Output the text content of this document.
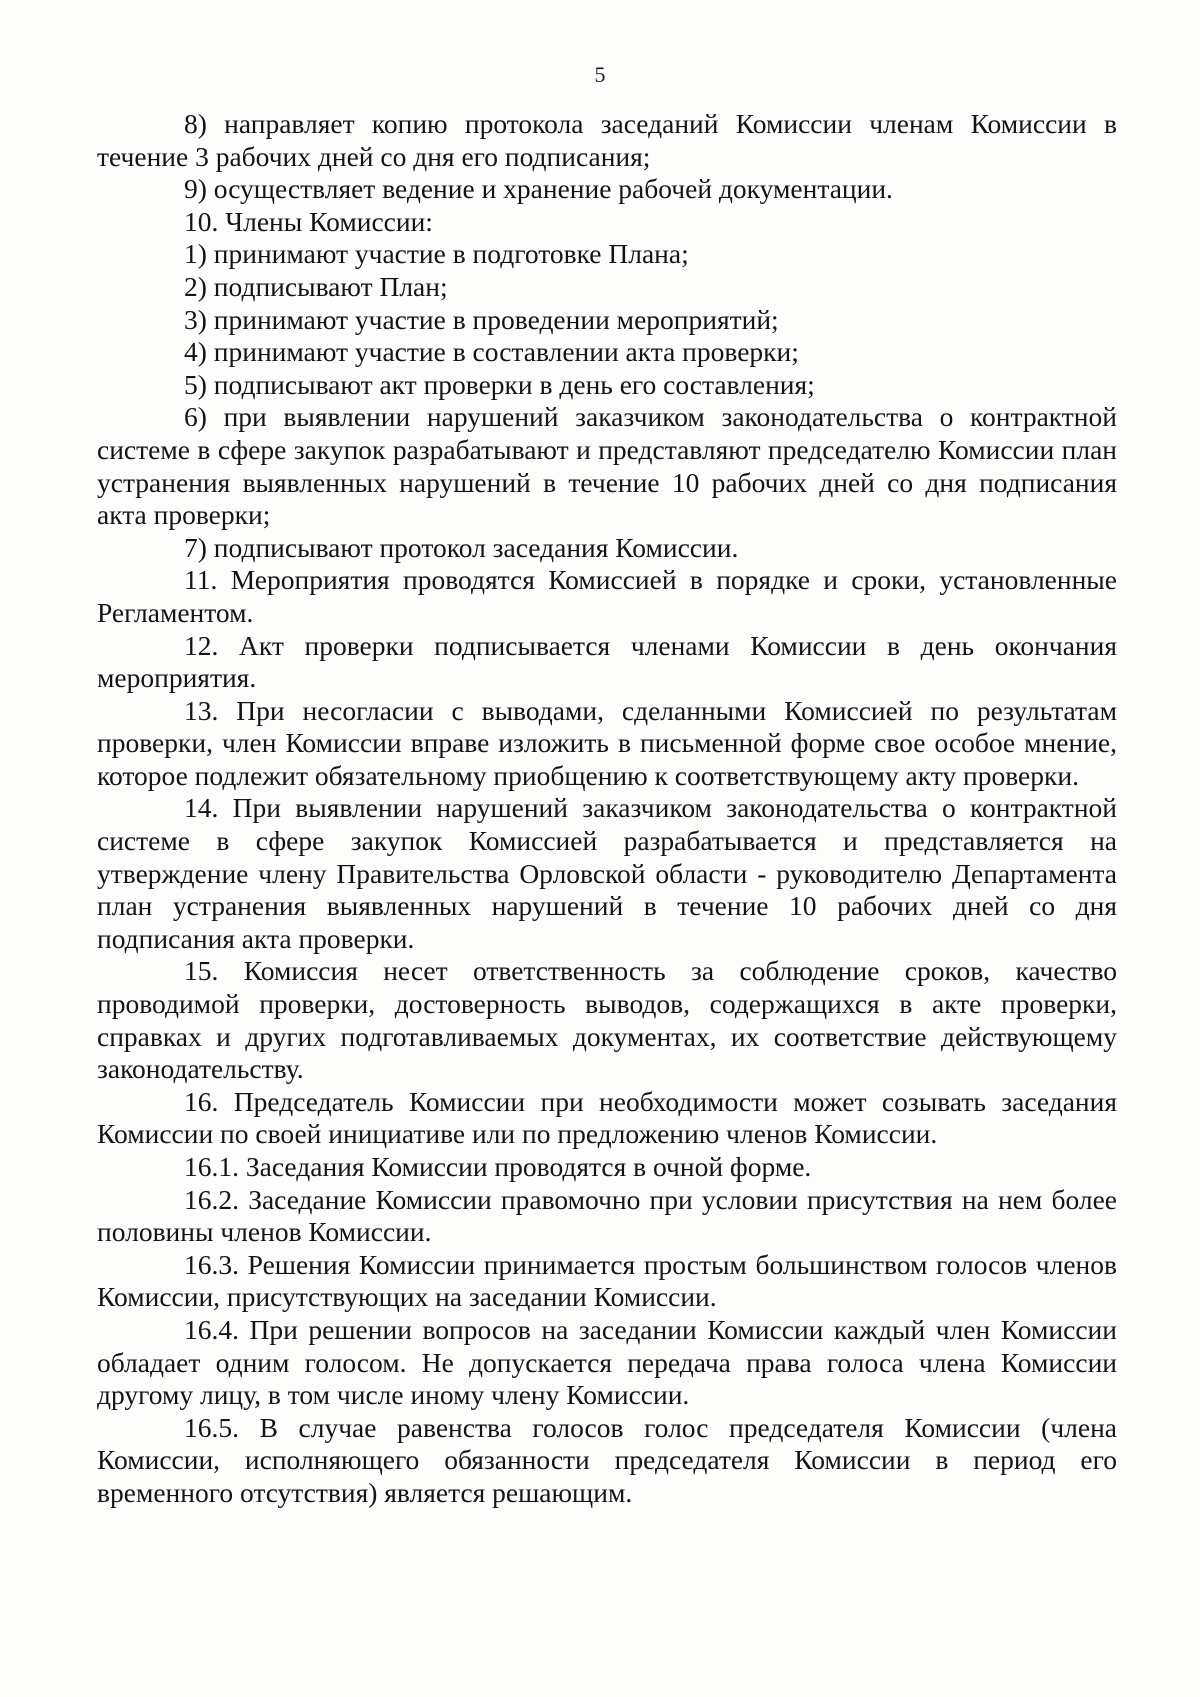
5

8) направляет копию протокола заседаний Комиссии членам Комиссии в течение 3 рабочих дней со дня его подписания;

9) осуществляет ведение и хранение рабочей документации.

10. Члены Комиссии:

1) принимают участие в подготовке Плана;

2) подписывают План;

3) принимают участие в проведении мероприятий;

4) принимают участие в составлении акта проверки;

5) подписывают акт проверки в день его составления;

6) при выявлении нарушений заказчиком законодательства о контрактной системе в сфере закупок разрабатывают и представляют председателю Комиссии план устранения выявленных нарушений в течение 10 рабочих дней со дня подписания акта проверки;

7) подписывают протокол заседания Комиссии.

11. Мероприятия проводятся Комиссией в порядке и сроки, установленные Регламентом.

12. Акт проверки подписывается членами Комиссии в день окончания мероприятия.

13. При несогласии с выводами, сделанными Комиссией по результатам проверки, член Комиссии вправе изложить в письменной форме свое особое мнение, которое подлежит обязательному приобщению к соответствующему акту проверки.

14. При выявлении нарушений заказчиком законодательства о контрактной системе в сфере закупок Комиссией разрабатывается и представляется на утверждение члену Правительства Орловской области - руководителю Департамента план устранения выявленных нарушений в течение 10 рабочих дней со дня подписания акта проверки.

15. Комиссия несет ответственность за соблюдение сроков, качество проводимой проверки, достоверность выводов, содержащихся в акте проверки, справках и других подготавливаемых документах, их соответствие действующему законодательству.

16. Председатель Комиссии при необходимости может созывать заседания Комиссии по своей инициативе или по предложению членов Комиссии.

16.1. Заседания Комиссии проводятся в очной форме.

16.2. Заседание Комиссии правомочно при условии присутствия на нем более половины членов Комиссии.

16.3. Решения Комиссии принимается простым большинством голосов членов Комиссии, присутствующих на заседании Комиссии.

16.4. При решении вопросов на заседании Комиссии каждый член Комиссии обладает одним голосом. Не допускается передача права голоса члена Комиссии другому лицу, в том числе иному члену Комиссии.

16.5. В случае равенства голосов голос председателя Комиссии (члена Комиссии, исполняющего обязанности председателя Комиссии в период его временного отсутствия) является решающим.
